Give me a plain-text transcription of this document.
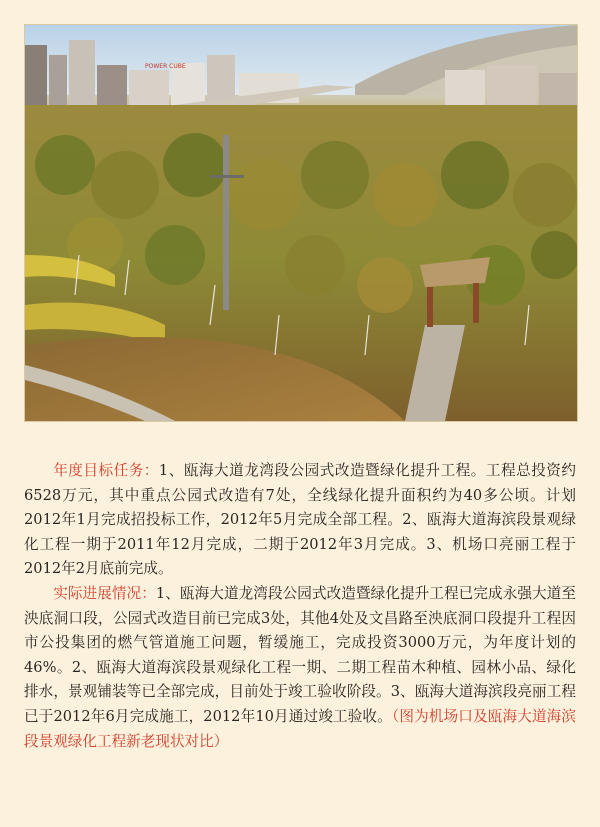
POWER CUBE

年度目标任务：1、瓯海大道龙湾段公园式改造暨绿化提升工程。工程总投资约6528万元，其中重点公园式改造有7处，全线绿化提升面积约为40多公顷。计划2012年1月完成招投标工作，2012年5月完成全部工程。2、瓯海大道海滨段景观绿化工程一期于2011年12月完成，二期于2012年3月完成。3、机场口亮丽工程于2012年2月底前完成。

实际进展情况：1、瓯海大道龙湾段公园式改造暨绿化提升工程已完成永强大道至泱底洞口段，公园式改造目前已完成3处，其他4处及文昌路至泱底洞口段提升工程因市公投集团的燃气管道施工问题，暂缓施工，完成投资3000万元，为年度计划的46%。2、瓯海大道海滨段景观绿化工程一期、二期工程苗木种植、园林小品、绿化排水，景观铺装等已全部完成，目前处于竣工验收阶段。3、瓯海大道海滨段亮丽工程已于2012年6月完成施工，2012年10月通过竣工验收。（图为机场口及瓯海大道海滨段景观绿化工程新老现状对比）
